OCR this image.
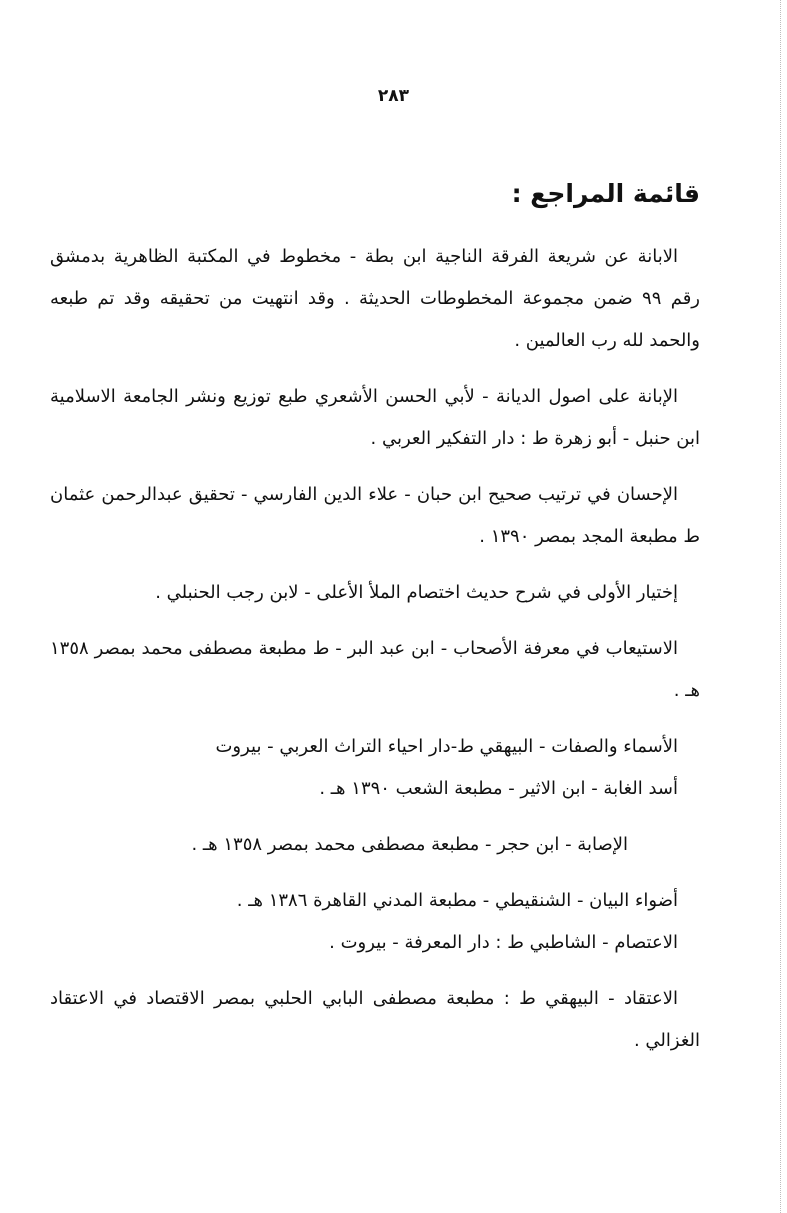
٢٨٣
قائمة المراجع :
الابانة عن شريعة الفرقة الناجية ابن بطة - مخطوط في المكتبة الظاهرية بدمشق رقم ٩٩ ضمن مجموعة المخطوطات الحديثة . وقد انتهيت من تحقيقه وقد تم طبعه والحمد لله رب العالمين .
الإبانة على اصول الديانة - لأبي الحسن الأشعري طبع توزيع ونشر الجامعة الاسلامية ابن حنبل - أبو زهرة ط : دار التفكير العربي .
الإحسان في ترتيب صحيح ابن حبان - علاء الدين الفارسي - تحقيق عبدالرحمن عثمان ط مطبعة المجد بمصر ١٣٩٠ .
إختيار الأولى في شرح حديث اختصام الملأ الأعلى - لابن رجب الحنبلي .
الاستيعاب في معرفة الأصحاب - ابن عبد البر - ط مطبعة مصطفى محمد بمصر ١٣٥٨ هـ .
الأسماء والصفات - البيهقي ط-دار احياء التراث العربي - بيروت
أسد الغابة - ابن الاثير - مطبعة الشعب ١٣٩٠ هـ .
الإصابة - ابن حجر - مطبعة مصطفى محمد بمصر ١٣٥٨ هـ .
أضواء البيان - الشنقيطي - مطبعة المدني القاهرة ١٣٨٦ هـ .
الاعتصام - الشاطبي ط : دار المعرفة - بيروت .
الاعتقاد - البيهقي ط : مطبعة مصطفى البابي الحلبي بمصر الاقتصاد في الاعتقاد الغزالي .
